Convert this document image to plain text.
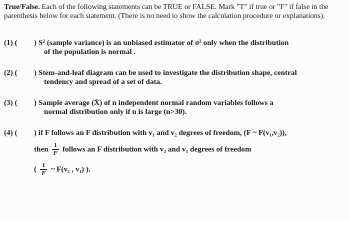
True/False. Each of the following statements can be TRUE or FALSE. Mark "T" if true or "F" if false in the parenthesis below for each statement. (There is no need to show the calculation procedure or explanations).
(1) ( ) S² (sample variance) is an unbiased estimator of σ² only when the distribution
of the population is normal .
(2) ( ) Stem-and-leaf diagram can be used to investigate the distribution shape, central
tendency and spread of a set of data.
(3) ( ) Sample average (X̄) of n independent normal random variables follows a
normal distribution only if n is large (n>30).
(4) ( ) if F follows an F distribution with v₁ and v₂ degrees of freedom, (F ~ F(v₁,v₂)),
then $\frac{1}{F}$ follows an F distribution with v₂ and v₁ degrees of freedom
( $\frac{1}{F}$ ~ F(v₂ , v₁) ).
